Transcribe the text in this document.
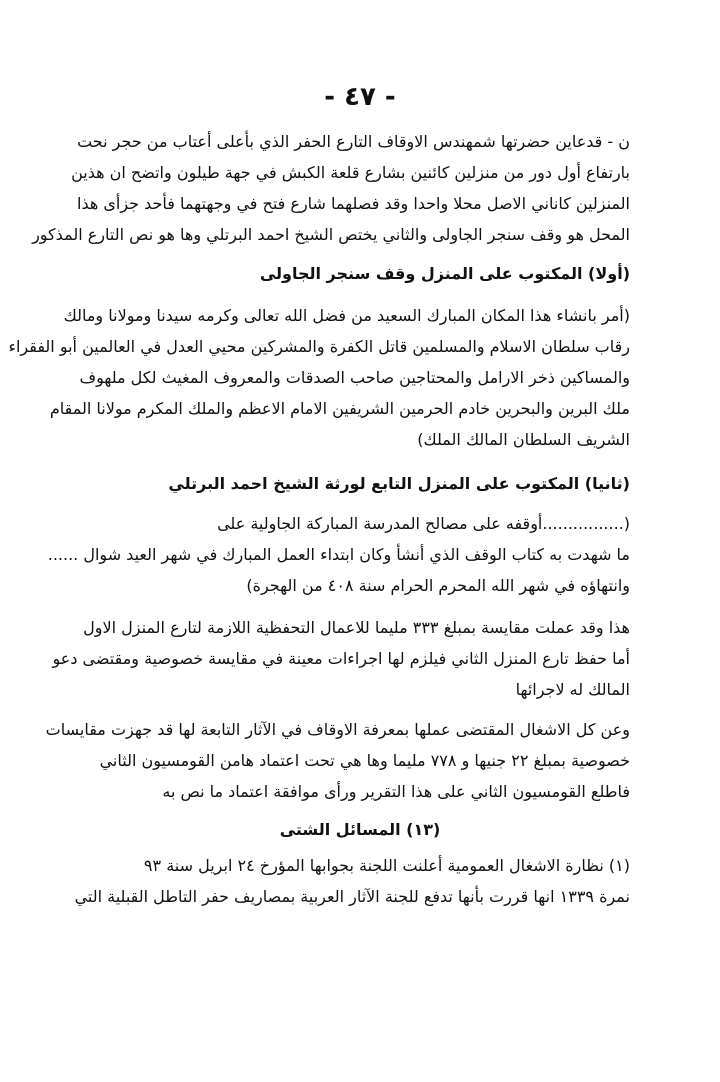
- ٤٧ -
ن - قدعاين حضرتها شمهندس الاوقاف التارع الحفر الذي بأعلى أعتاب من حجر نحت
بارتفاع أول دور من منزلين كائنين بشارع قلعة الكبش في جهة طيلون واتضح ان هذين
المنزلين كاناني الاصل محلا واحدا وقد فصلهما شارع فتح في وجهتهما فأحد جزأى هذا
المحل هو وقف سنجر الجاولى والثاني يختص الشيخ احمد البرتلي وها هو نص التارع المذكور
(أولا) المكتوب على المنزل وقف سنجر الجاولى
(أمر بانشاء هذا المكان المبارك السعيد من فضل الله تعالى وكرمه سيدنا ومولانا ومالك
رقاب سلطان الاسلام والمسلمين قاتل الكفرة والمشركين محيي العدل في العالمين أبو الفقراء
والمساكين ذخر الارامل والمحتاجين صاحب الصدقات والمعروف المغيث لكل ملهوف
ملك البرين والبحرين خادم الحرمين الشريفين الامام الاعظم والملك المكرم مولانا المقام
الشريف السلطان المالك الملك)
(ثانيا) المكتوب على المنزل التابع لورثة الشيخ احمد البرتلي
(................أوقفه على مصالح المدرسة المباركة الجاولية على
ما شهدت به كتاب الوقف الذي أنشأ وكان ابتداء العمل المبارك في شهر العيد شوال ......
وانتهاؤه في شهر الله المحرم الحرام سنة ٤٠٨ من الهجرة)
هذا وقد عملت مقايسة بمبلغ ٣٣٣ مليما للاعمال التحفظية اللازمة لتارع المنزل الاول
أما حفظ تارع المنزل الثاني فيلزم لها اجراءات معينة في مقايسة خصوصية ومقتضى دعو
المالك له لاجرائها
وعن كل الاشغال المقتضى عملها بمعرفة الاوقاف في الآثار التابعة لها قد جهزت مقايسات
خصوصية بمبلغ ٢٢ جنيها و ٧٧٨ مليما وها هي تحت اعتماد هامن القومسيون الثاني
فاطلع القومسيون الثاني على هذا التقرير ورأى موافقة اعتماد ما نص به
(١٣) المسائل الشتى
(١) نظارة الاشغال العمومية أعلنت اللجنة بجوابها المؤرخ ٢٤ ابريل سنة ٩٣
نمرة ١٣٣٩ انها قررت بأنها تدفع للجنة الآثار العربية بمصاريف حفر التاطل القبلية التي
